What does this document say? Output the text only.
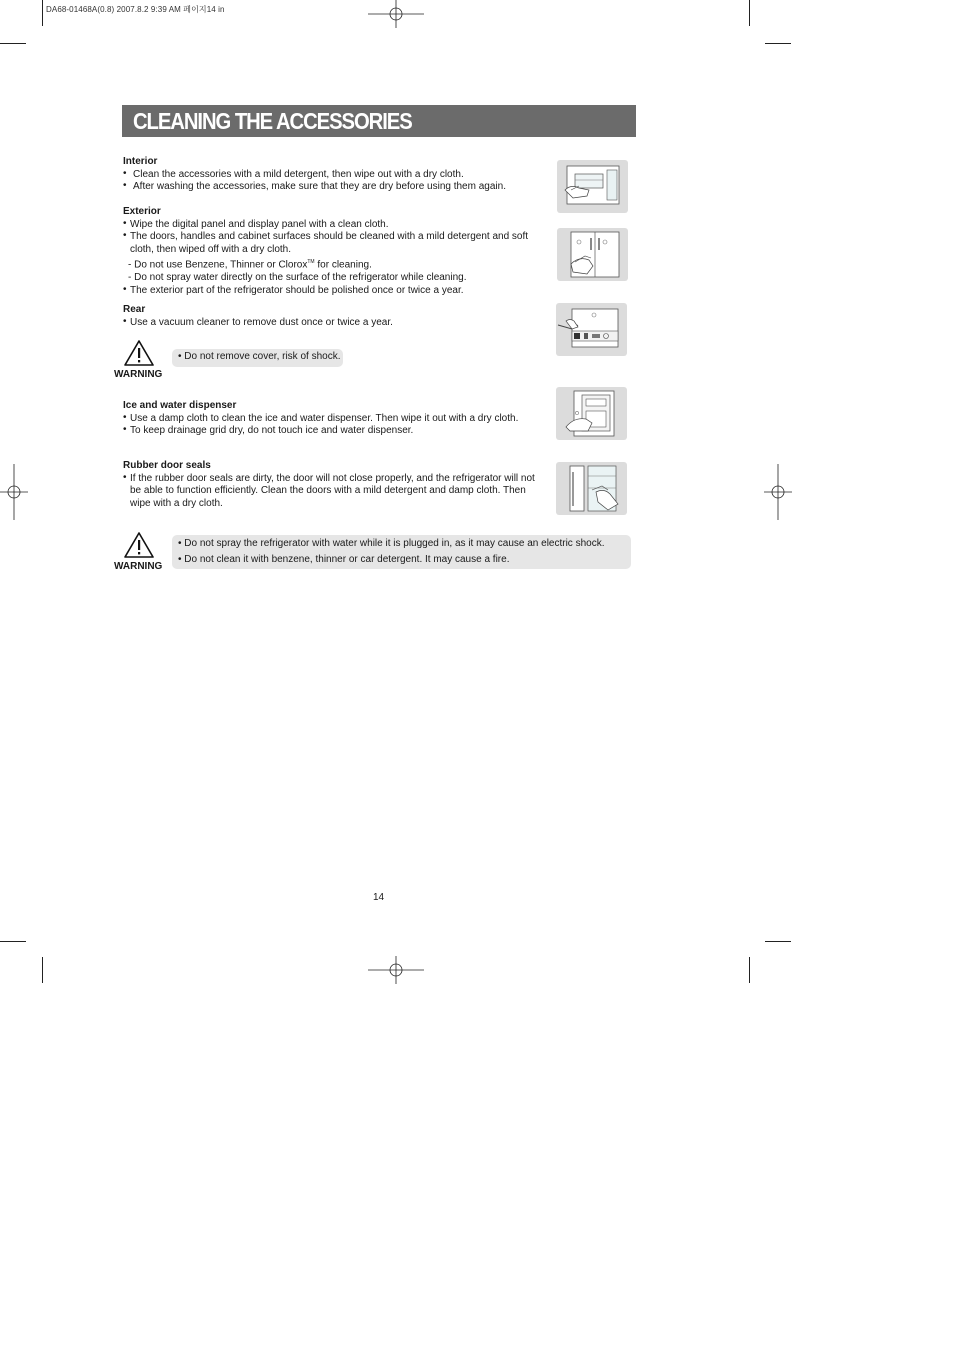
DA68-01468A(0.8) 2007.8.2 9:39 AM 페이지14 in
CLEANING THE ACCESSORIES
Interior
• Clean the accessories with a mild detergent, then wipe out with a dry cloth.
• After washing the accessories, make sure that they are dry before using them again.
Exterior
• Wipe the digital panel and display panel with a clean cloth.
• The doors, handles and cabinet surfaces should be cleaned with a mild detergent and soft
cloth, then wiped off with a dry cloth.
- Do not use Benzene, Thinner or Clorox™ for cleaning.
- Do not spray water directly on the surface of the refrigerator while cleaning.
• The exterior part of the refrigerator should be polished once or twice a year.
Rear
• Use a vacuum cleaner to remove dust once or twice a year.
WARNING
• Do not remove cover, risk of shock.
Ice and water dispenser
• Use a damp cloth to clean the ice and water dispenser. Then wipe it out with a dry cloth.
• To keep drainage grid dry, do not touch ice and water dispenser.
Rubber door seals
• If the rubber door seals are dirty, the door will not close properly, and the refrigerator will not
be able to function efficiently. Clean the doors with a mild detergent and damp cloth. Then
wipe with a dry cloth.
WARNING
• Do not spray the refrigerator with water while it is plugged in, as it may cause an electric shock.
• Do not clean it with benzene, thinner or car detergent. It may cause a fire.
14
